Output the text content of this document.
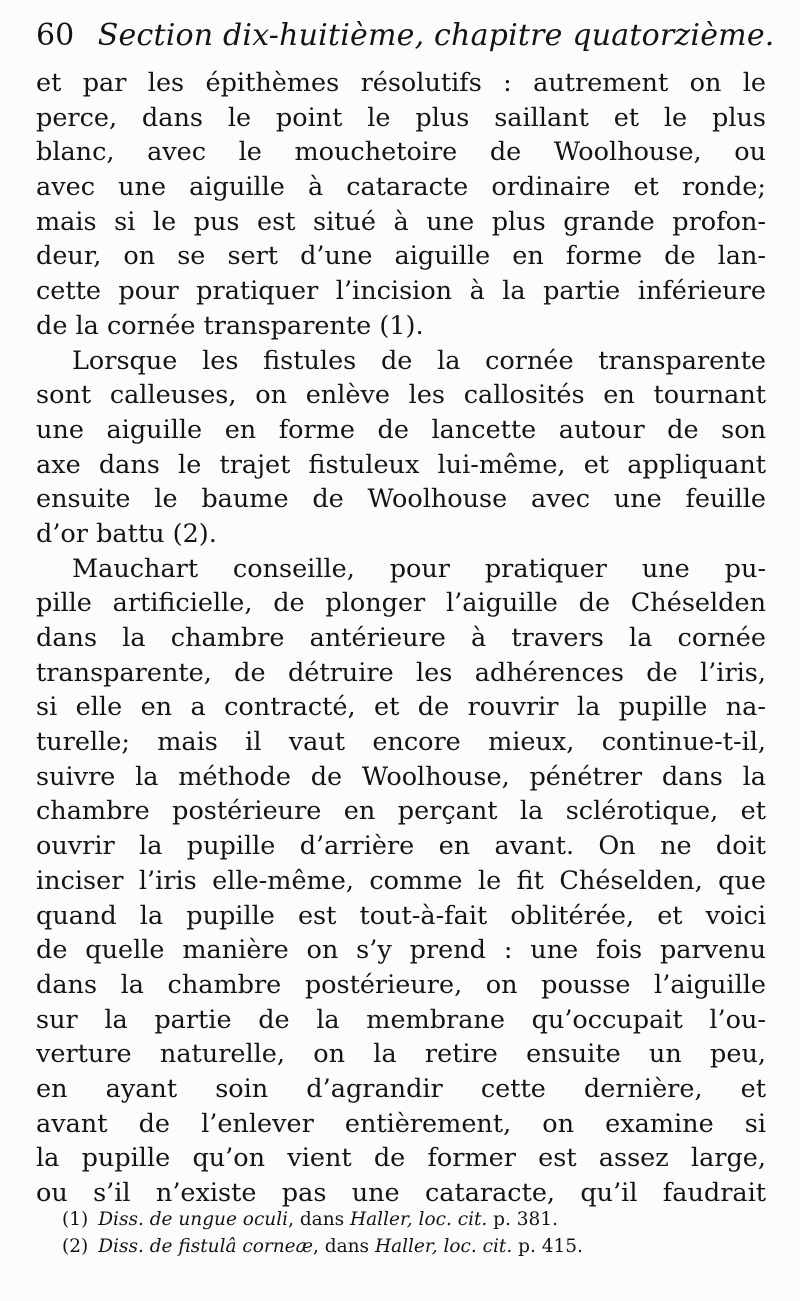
60 Section dix-huitième, chapitre quatorzième.
et par les épithèmes résolutifs : autrement on le
perce, dans le point le plus saillant et le plus
blanc, avec le mouchetoire de Woolhouse, ou
avec une aiguille à cataracte ordinaire et ronde;
mais si le pus est situé à une plus grande profon-
deur, on se sert d’une aiguille en forme de lan-
cette pour pratiquer l’incision à la partie inférieure
de la cornée transparente (1).
Lorsque les fistules de la cornée transparente
sont calleuses, on enlève les callosités en tournant
une aiguille en forme de lancette autour de son
axe dans le trajet fistuleux lui-même, et appliquant
ensuite le baume de Woolhouse avec une feuille
d’or battu (2).
Mauchart conseille, pour pratiquer une pu-
pille artificielle, de plonger l’aiguille de Chéselden
dans la chambre antérieure à travers la cornée
transparente, de détruire les adhérences de l’iris,
si elle en a contracté, et de rouvrir la pupille na-
turelle; mais il vaut encore mieux, continue-t-il,
suivre la méthode de Woolhouse, pénétrer dans la
chambre postérieure en perçant la sclérotique, et
ouvrir la pupille d’arrière en avant. On ne doit
inciser l’iris elle-même, comme le fit Chéselden, que
quand la pupille est tout-à-fait oblitérée, et voici
de quelle manière on s’y prend : une fois parvenu
dans la chambre postérieure, on pousse l’aiguille
sur la partie de la membrane qu’occupait l’ou-
verture naturelle, on la retire ensuite un peu,
en ayant soin d’agrandir cette dernière, et
avant de l’enlever entièrement, on examine si
la pupille qu’on vient de former est assez large,
ou s’il n’existe pas une cataracte, qu’il faudrait
(1) Diss. de ungue oculi, dans Haller, loc. cit. p. 381.
(2) Diss. de fistulâ corneæ, dans Haller, loc. cit. p. 415.
